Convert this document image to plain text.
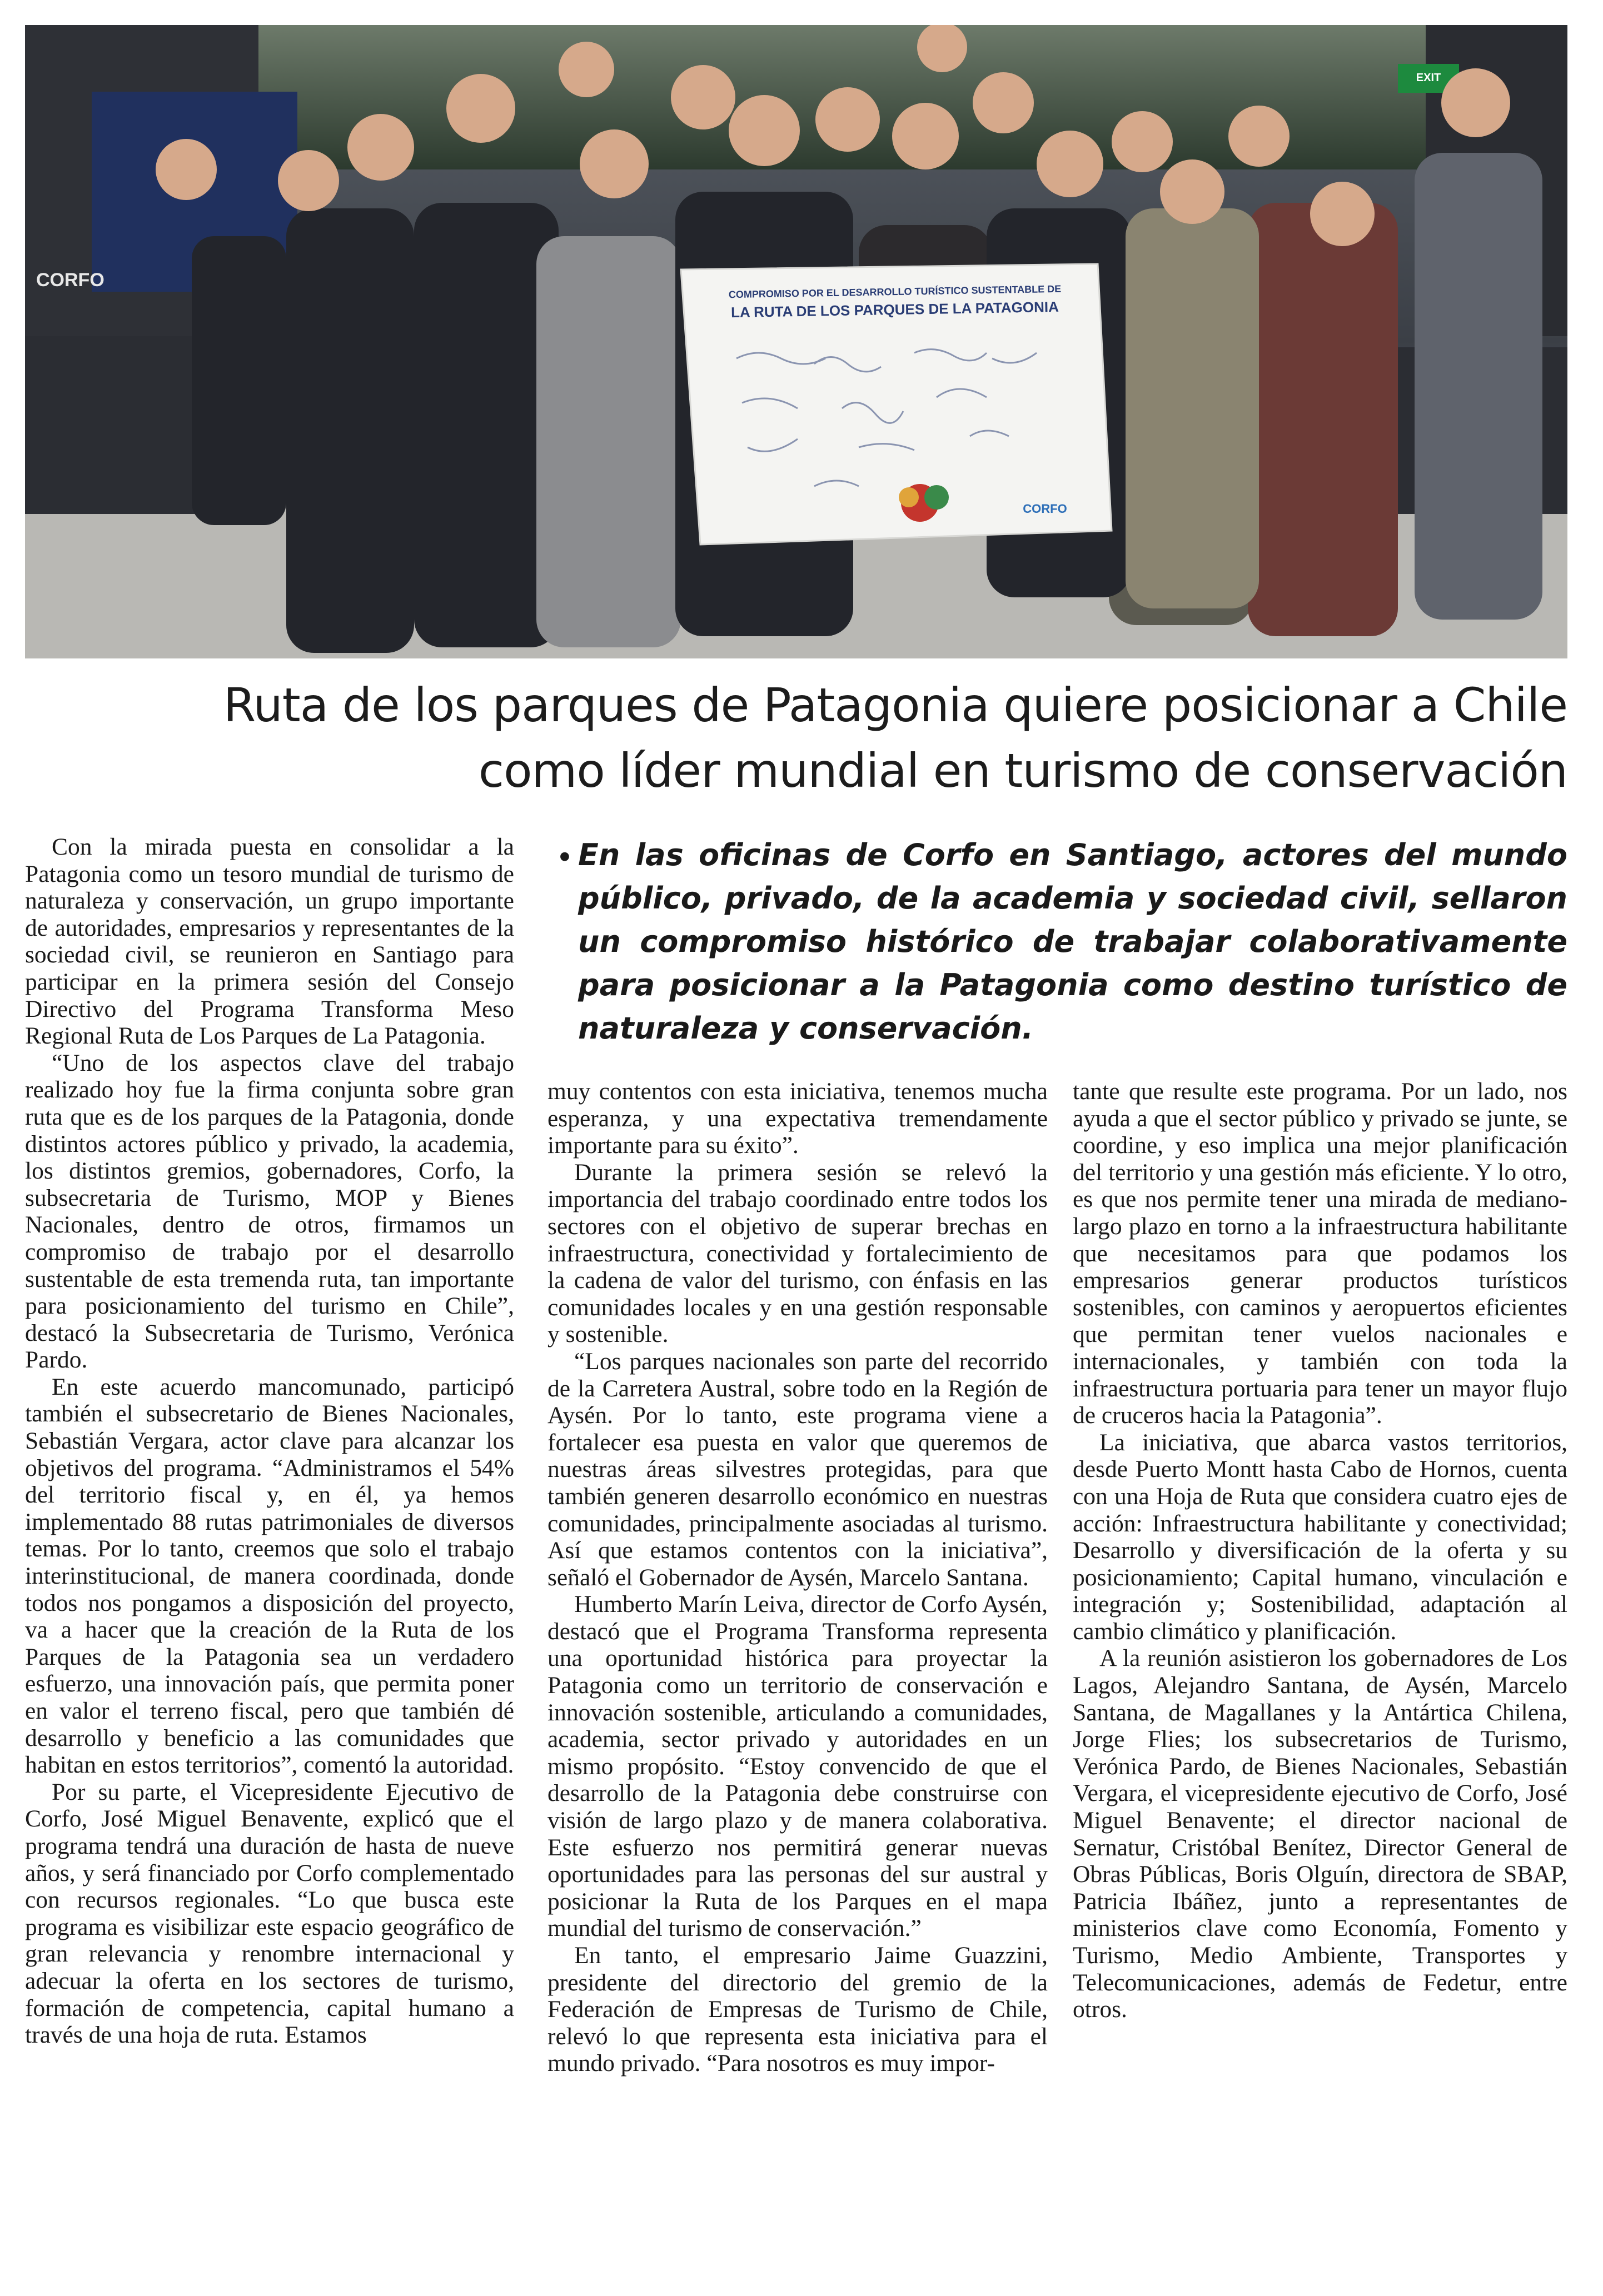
COMPROMISO POR EL DESARROLLO TURÍSTICO SUSTENTABLE DE
LA RUTA DE LOS PARQUES DE LA PATAGONIA
CORFO
CORFO
EXIT
Ruta de los parques de Patagonia quiere posicionar a Chile
como líder mundial en turismo de conservación
• En las oficinas de Corfo en Santiago, actores del mundo público, privado, de la academia y sociedad civil, sellaron un compromiso histórico de trabajar colaborativamente para posicionar a la Patagonia como destino turístico de naturaleza y conservación.

Con la mirada puesta en consolidar a la Patagonia como un tesoro mundial de turismo de naturaleza y conservación, un grupo importante de autoridades, empresarios y representantes de la sociedad civil, se reunieron en Santiago para participar en la primera sesión del Consejo Directivo del Programa Transforma Meso Regional Ruta de Los Parques de La Patagonia.

“Uno de los aspectos clave del trabajo realizado hoy fue la firma conjunta sobre gran ruta que es de los parques de la Patagonia, donde distintos actores público y privado, la academia, los distintos gremios, gobernadores, Corfo, la subsecretaria de Turismo, MOP y Bienes Nacionales, dentro de otros, firmamos un compromiso de trabajo por el desarrollo sustentable de esta tremenda ruta, tan importante para posicionamiento del turismo en Chile”, destacó la Subsecretaria de Turismo, Verónica Pardo.

En este acuerdo mancomunado, participó también el subsecretario de Bienes Nacionales, Sebastián Vergara, actor clave para alcanzar los objetivos del programa. “Administramos el 54% del territorio fiscal y, en él, ya hemos implementado 88 rutas patrimoniales de diversos temas. Por lo tanto, creemos que solo el trabajo interinstitucional, de manera coordinada, donde todos nos pongamos a disposición del proyecto, va a hacer que la creación de la Ruta de los Parques de la Patagonia sea un verdadero esfuerzo, una innovación país, que permita poner en valor el terreno fiscal, pero que también dé desarrollo y beneficio a las comunidades que habitan en estos territorios”, comentó la autoridad.

Por su parte, el Vicepresidente Ejecutivo de Corfo, José Miguel Benavente, explicó que el programa tendrá una duración de hasta de nueve años, y será financiado por Corfo complementado con recursos regionales. “Lo que busca este programa es visibilizar este espacio geográfico de gran relevancia y renombre internacional y adecuar la oferta en los sectores de turismo, formación de competencia, capital humano a través de una hoja de ruta. Estamos

muy contentos con esta iniciativa, tenemos mucha esperanza, y una expectativa tremendamente importante para su éxito”.

Durante la primera sesión se relevó la importancia del trabajo coordinado entre todos los sectores con el objetivo de superar brechas en infraestructura, conectividad y fortalecimiento de la cadena de valor del turismo, con énfasis en las comunidades locales y en una gestión responsable y sostenible.

“Los parques nacionales son parte del recorrido de la Carretera Austral, sobre todo en la Región de Aysén. Por lo tanto, este programa viene a fortalecer esa puesta en valor que queremos de nuestras áreas silvestres protegidas, para que también generen desarrollo económico en nuestras comunidades, principalmente asociadas al turismo. Así que estamos contentos con la iniciativa”, señaló el Gobernador de Aysén, Marcelo Santana.

Humberto Marín Leiva, director de Corfo Aysén, destacó que el Programa Transforma representa una oportunidad histórica para proyectar la Patagonia como un territorio de conservación e innovación sostenible, articulando a comunidades, academia, sector privado y autoridades en un mismo propósito. “Estoy convencido de que el desarrollo de la Patagonia debe construirse con visión de largo plazo y de manera colaborativa. Este esfuerzo nos permitirá generar nuevas oportunidades para las personas del sur austral y posicionar la Ruta de los Parques en el mapa mundial del turismo de conservación.”

En tanto, el empresario Jaime Guazzini, presidente del directorio del gremio de la Federación de Empresas de Turismo de Chile, relevó lo que representa esta iniciativa para el mundo privado. “Para nosotros es muy impor-

tante que resulte este programa. Por un lado, nos ayuda a que el sector público y privado se junte, se coordine, y eso implica una mejor planificación del territorio y una gestión más eficiente. Y lo otro, es que nos permite tener una mirada de mediano-largo plazo en torno a la infraestructura habilitante que necesitamos para que podamos los empresarios generar productos turísticos sostenibles, con caminos y aeropuertos eficientes que permitan tener vuelos nacionales e internacionales, y también con toda la infraestructura portuaria para tener un mayor flujo de cruceros hacia la Patagonia”.

La iniciativa, que abarca vastos territorios, desde Puerto Montt hasta Cabo de Hornos, cuenta con una Hoja de Ruta que considera cuatro ejes de acción: Infraestructura habilitante y conectividad; Desarrollo y diversificación de la oferta y su posicionamiento; Capital humano, vinculación e integración y; Sostenibilidad, adaptación al cambio climático y planificación.

A la reunión asistieron los gobernadores de Los Lagos, Alejandro Santana, de Aysén, Marcelo Santana, de Magallanes y la Antártica Chilena, Jorge Flies; los subsecretarios de Turismo, Verónica Pardo, de Bienes Nacionales, Sebastián Vergara, el vicepresidente ejecutivo de Corfo, José Miguel Benavente; el director nacional de Sernatur, Cristóbal Benítez, Director General de Obras Públicas, Boris Olguín, directora de SBAP, Patricia Ibáñez, junto a representantes de ministerios clave como Economía, Fomento y Turismo, Medio Ambiente, Transportes y Telecomunicaciones, además de Fedetur, entre otros.
